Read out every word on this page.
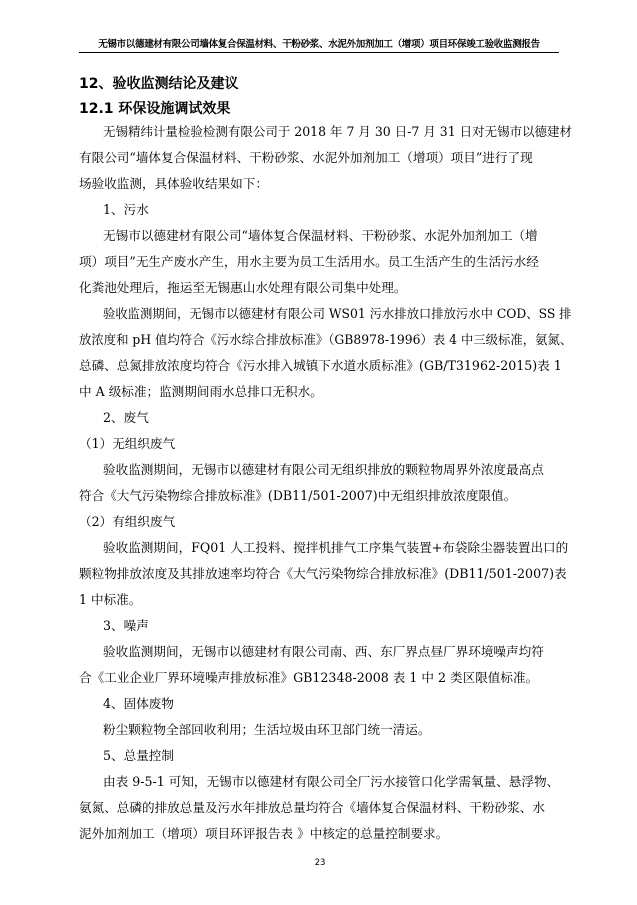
无锡市以德建材有限公司墙体复合保温材料、干粉砂浆、水泥外加剂加工（增项）项目环保竣工验收监测报告
12、验收监测结论及建议
12.1 环保设施调试效果
无锡精纬计量检验检测有限公司于 2018 年 7 月 30 日-7 月 31 日对无锡市以德建材
有限公司“墙体复合保温材料、干粉砂浆、水泥外加剂加工（增项）项目”进行了现
场验收监测，具体验收结果如下：
1、污水
无锡市以德建材有限公司“墙体复合保温材料、干粉砂浆、水泥外加剂加工（增
项）项目”无生产废水产生，用水主要为员工生活用水。员工生活产生的生活污水经
化粪池处理后，拖运至无锡惠山水处理有限公司集中处理。
验收监测期间，无锡市以德建材有限公司 WS01 污水排放口排放污水中 COD、SS 排
放浓度和 pH 值均符合《污水综合排放标准》（GB8978-1996）表 4 中三级标准，氨氮、
总磷、总氮排放浓度均符合《污水排入城镇下水道水质标准》(GB/T31962-2015)表 1
中 A 级标准；监测期间雨水总排口无积水。
2、废气
（1）无组织废气
验收监测期间，无锡市以德建材有限公司无组织排放的颗粒物周界外浓度最高点
符合《大气污染物综合排放标准》(DB11/501-2007)中无组织排放浓度限值。
（2）有组织废气
验收监测期间，FQ01 人工投料、搅拌机排气工序集气装置+布袋除尘器装置出口的
颗粒物排放浓度及其排放速率均符合《大气污染物综合排放标准》(DB11/501-2007)表
1 中标准。
3、噪声
验收监测期间，无锡市以德建材有限公司南、西、东厂界点昼厂界环境噪声均符
合《工业企业厂界环境噪声排放标准》GB12348-2008 表 1 中 2 类区限值标准。
4、固体废物
粉尘颗粒物全部回收利用；生活垃圾由环卫部门统一清运。
5、总量控制
由表 9-5-1 可知，无锡市以德建材有限公司全厂污水接管口化学需氧量、悬浮物、
氨氮、总磷的排放总量及污水年排放总量均符合《墙体复合保温材料、干粉砂浆、水
泥外加剂加工（增项）项目环评报告表 》中核定的总量控制要求。
23
